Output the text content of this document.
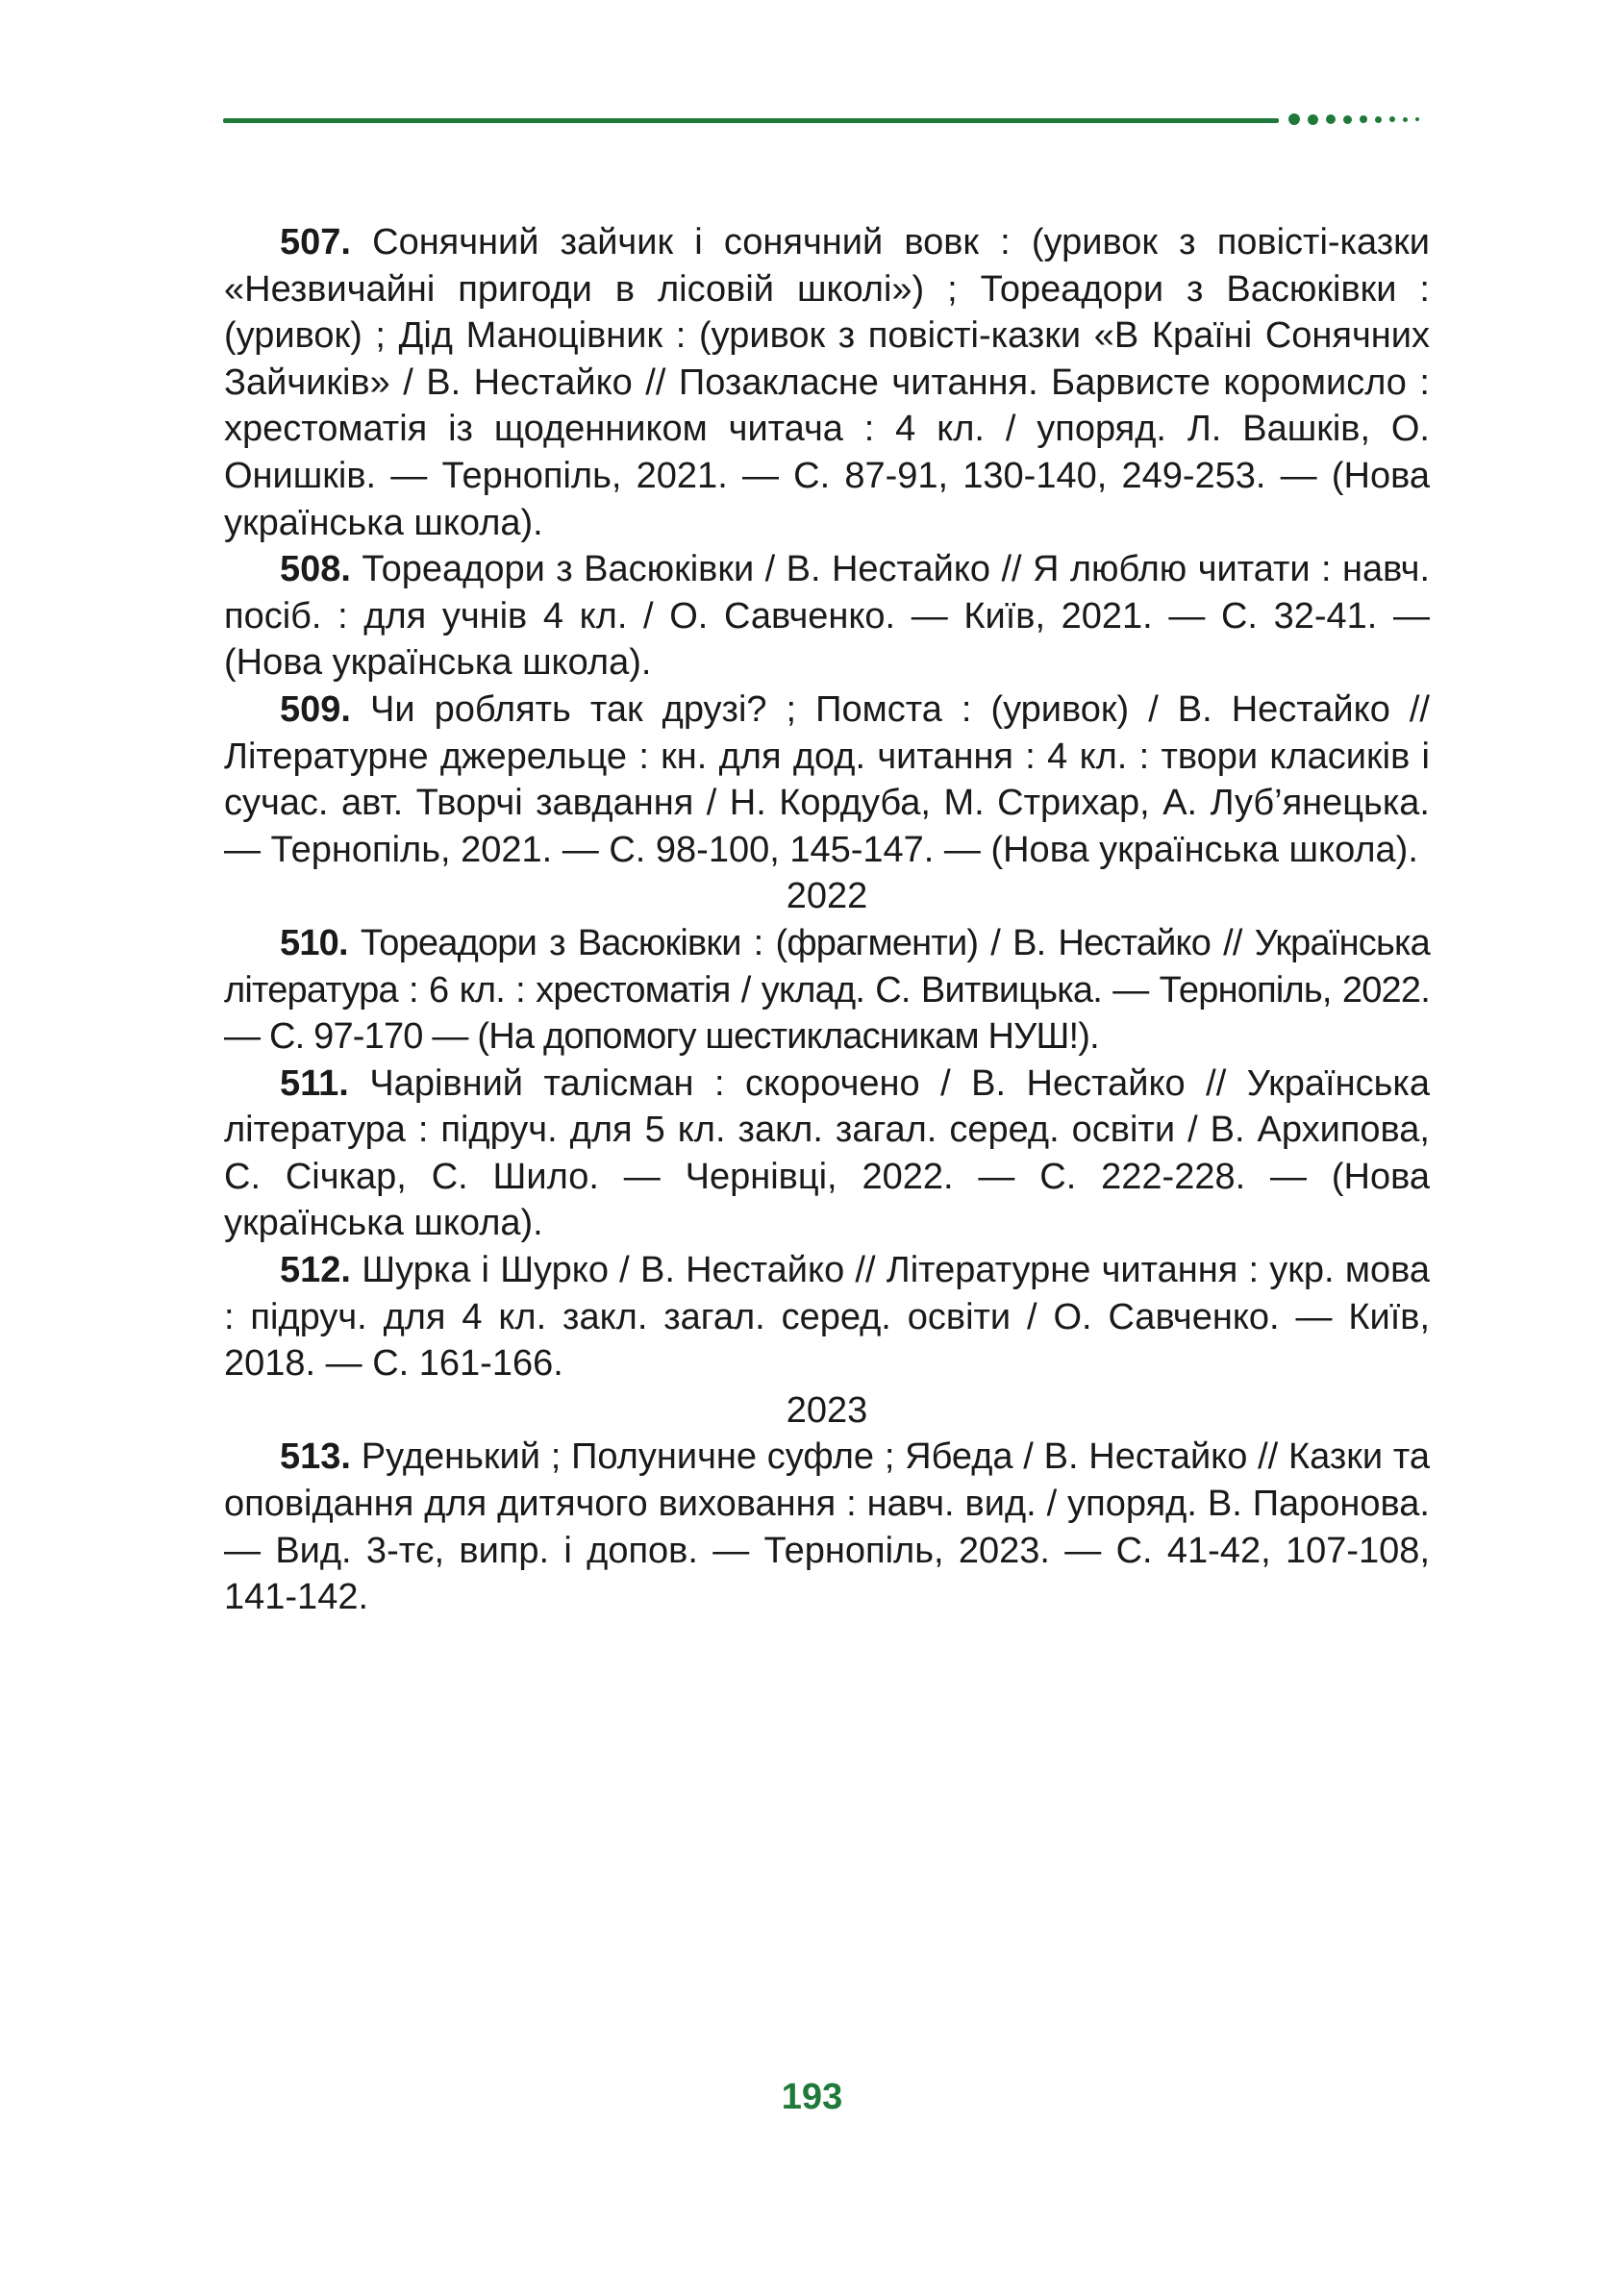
507. Сонячний зайчик і сонячний вовк : (уривок з повісті-казки «Незвичайні пригоди в лісовій школі») ; Тореадори з Васюківки : (уривок) ; Дід Маноцівник : (уривок з повісті-казки «В Країні Сонячних Зайчиків» / В. Нестайко // Позакласне читання. Барвисте коромисло : хрестоматія із щоденником читача : 4 кл. / упоряд. Л. Вашків, О. Онишків. — Тернопіль, 2021. — С. 87-91, 130-140, 249-253. — (Нова українська школа).

508. Тореадори з Васюківки / В. Нестайко // Я люблю читати : навч. посіб. : для учнів 4 кл. / О. Савченко. — Київ, 2021. — С. 32-41. — (Нова українська школа).

509. Чи роблять так друзі? ; Помста : (уривок) / В. Нестайко // Літературне джерельце : кн. для дод. читання : 4 кл. : твори класиків і сучас. авт. Творчі завдання / Н. Кордуба, М. Стрихар, А. Луб’янецька. — Тернопіль, 2021. — С. 98-100, 145-147. — (Нова українська школа).

2022

510. Тореадори з Васюківки : (фрагменти) / В. Нестайко // Українська література : 6 кл. : хрестоматія / уклад. С. Витвицька. — Тернопіль, 2022. — С. 97-170 — (На допомогу шестикласникам НУШ!).

511. Чарівний талісман : скорочено / В. Нестайко // Українська література : підруч. для 5 кл. закл. загал. серед. освіти / В. Архипова, С. Січкар, С. Шило. — Чернівці, 2022. — С. 222-228. — (Нова українська школа).

512. Шурка і Шурко / В. Нестайко // Літературне читання : укр. мова : підруч. для 4 кл. закл. загал. серед. освіти / О. Савченко. — Київ, 2018. — С. 161-166.

2023

513. Руденький ; Полуничне суфле ; Ябеда / В. Нестайко // Казки та оповідання для дитячого виховання : навч. вид. / упоряд. В. Паронова. — Вид. 3-тє, випр. і допов. — Тернопіль, 2023. — С. 41-42, 107-108, 141-142.

193
